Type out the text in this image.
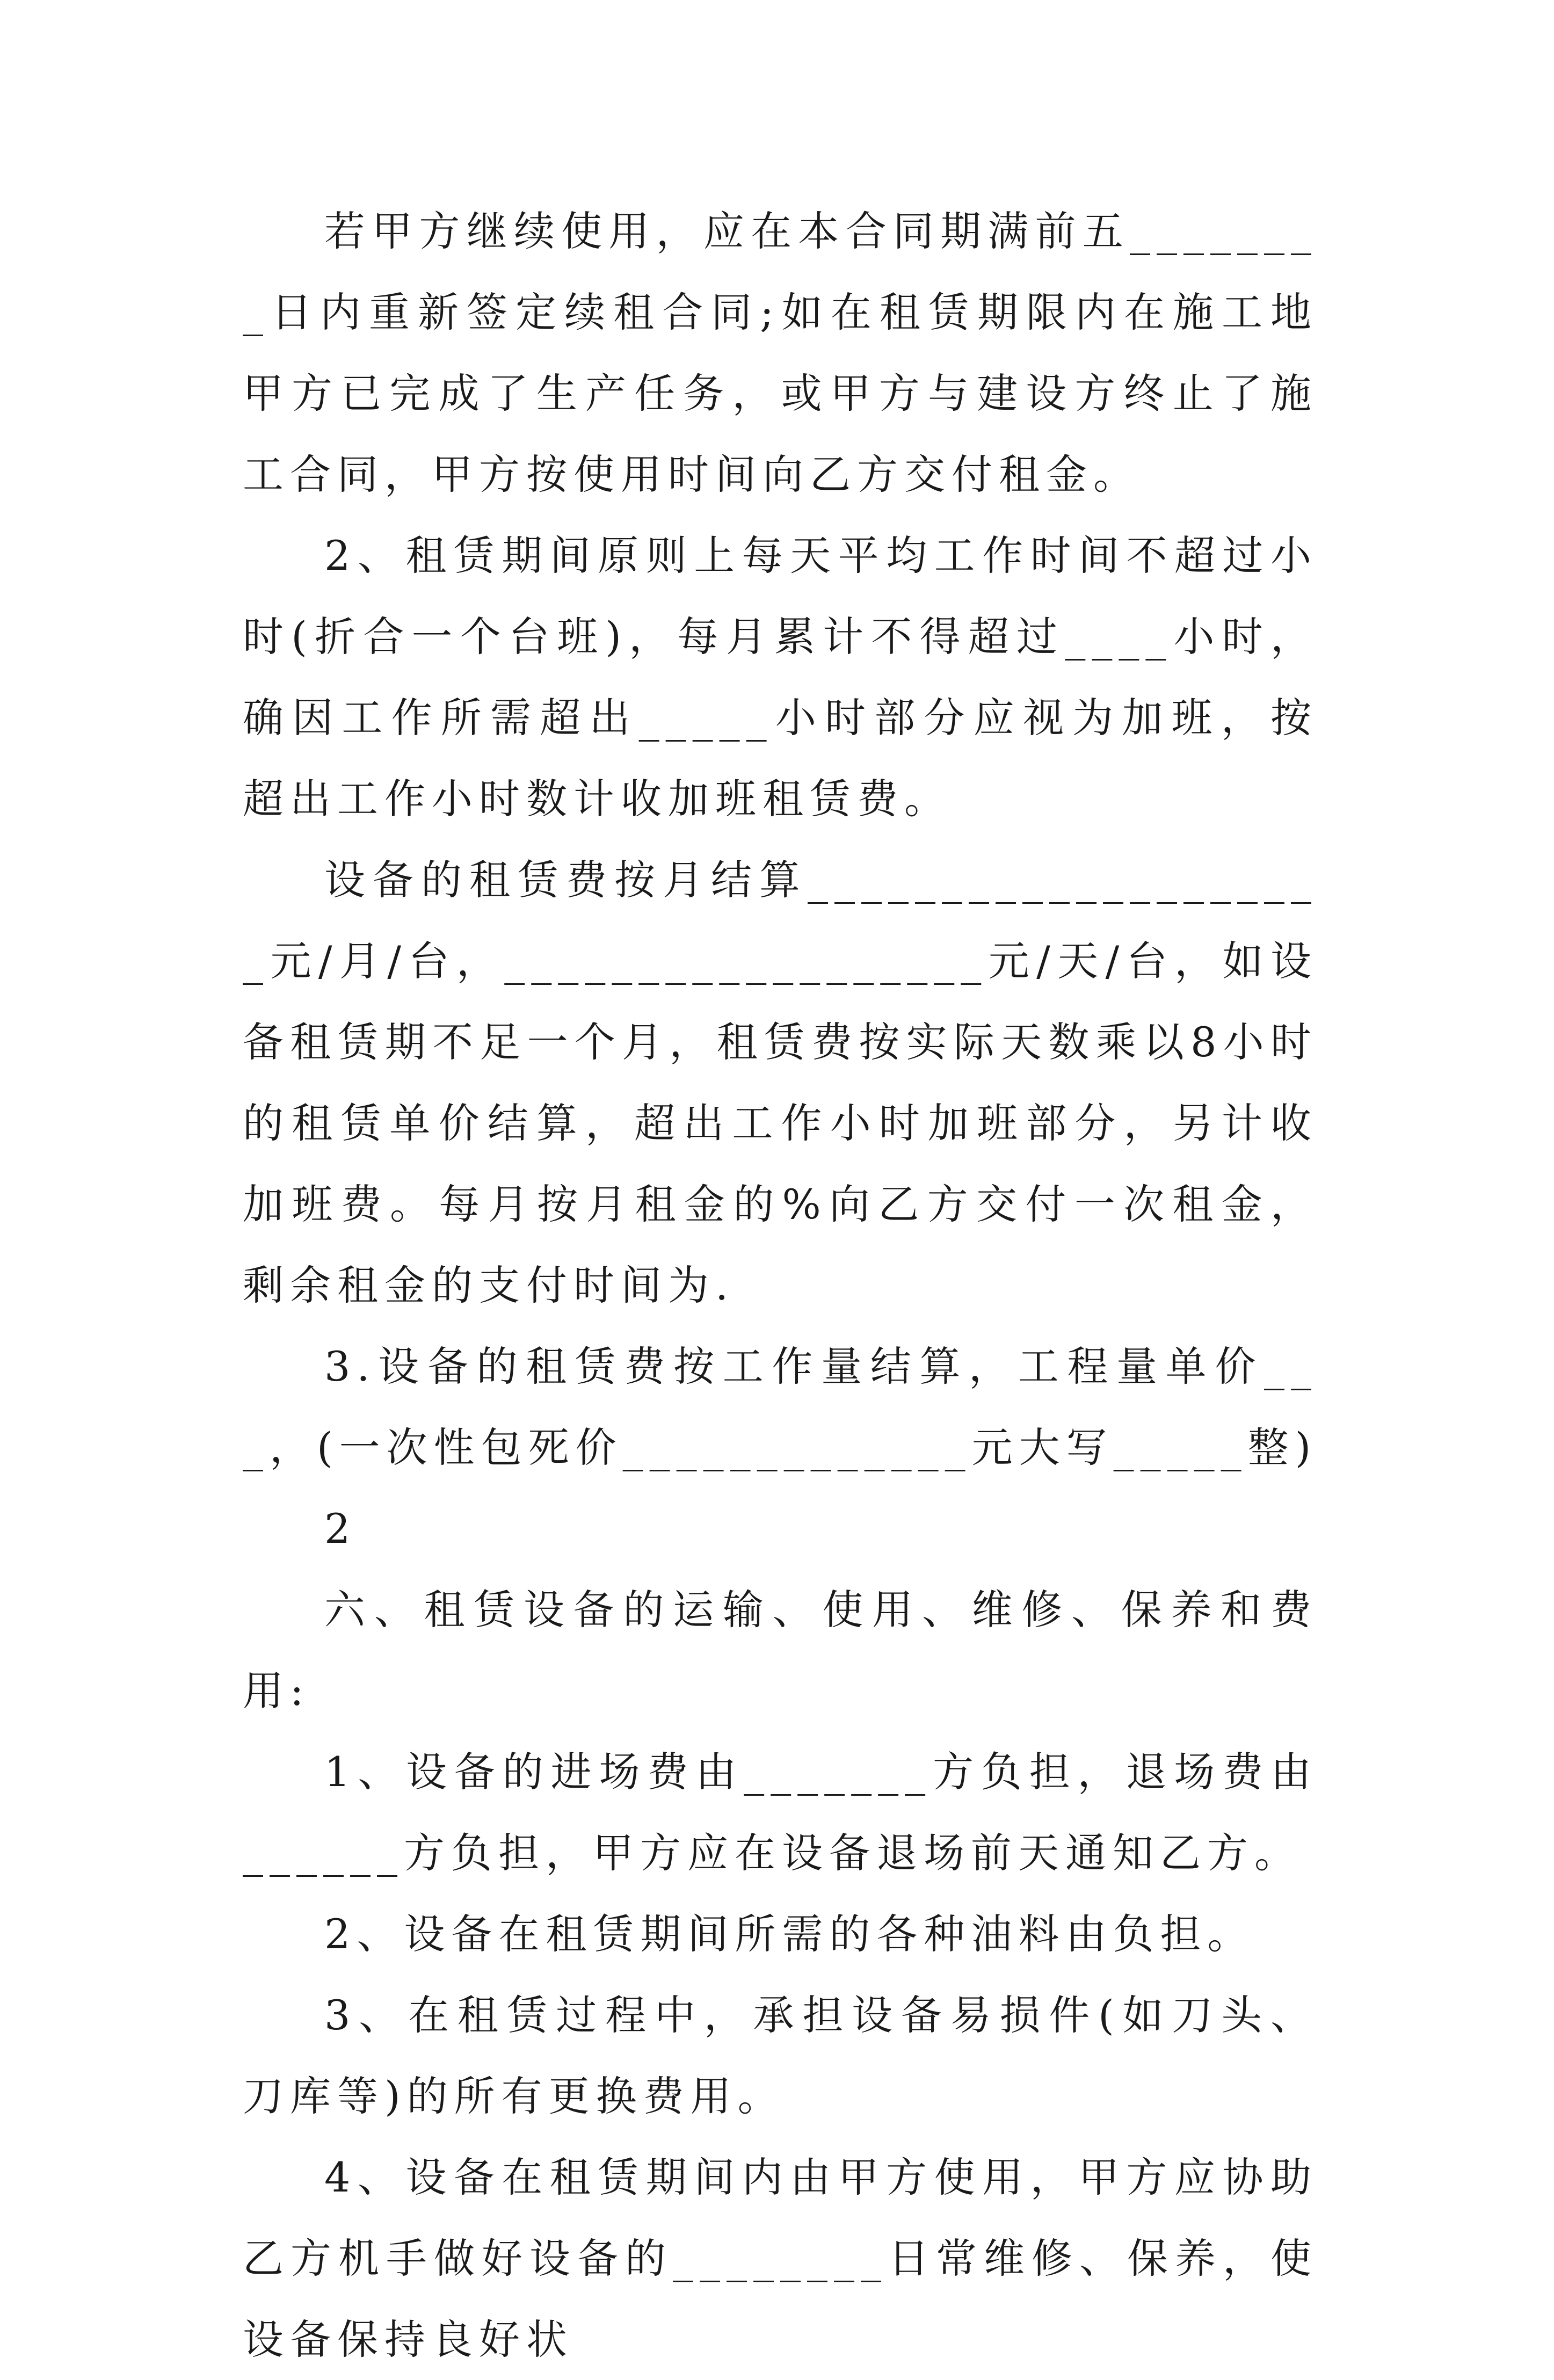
若甲方继续使用，应在本合同期满前五________日内重新签定续租合同;如在租赁期限内在施工地甲方已完成了生产任务，或甲方与建设方终止了施工合同，甲方按使用时间向乙方交付租金。

2、租赁期间原则上每天平均工作时间不超过小时(折合一个台班)，每月累计不得超过____小时，确因工作所需超出_____小时部分应视为加班，按超出工作小时数计收加班租赁费。

设备的租赁费按月结算____________________元/月/台，__________________元/天/台，如设备租赁期不足一个月，租赁费按实际天数乘以8小时的租赁单价结算，超出工作小时加班部分，另计收加班费。每月按月租金的%向乙方交付一次租金，剩余租金的支付时间为.

3.设备的租赁费按工作量结算，工程量单价___，(一次性包死价_____________元大写_____整)

2

六、租赁设备的运输、使用、维修、保养和费用:

1、设备的进场费由_______方负担，退场费由______方负担，甲方应在设备退场前天通知乙方。

2、设备在租赁期间所需的各种油料由负担。

3、在租赁过程中，承担设备易损件(如刀头、刀库等)的所有更换费用。

4、设备在租赁期间内由甲方使用，甲方应协助乙方机手做好设备的________日常维修、保养，使设备保持良好状
